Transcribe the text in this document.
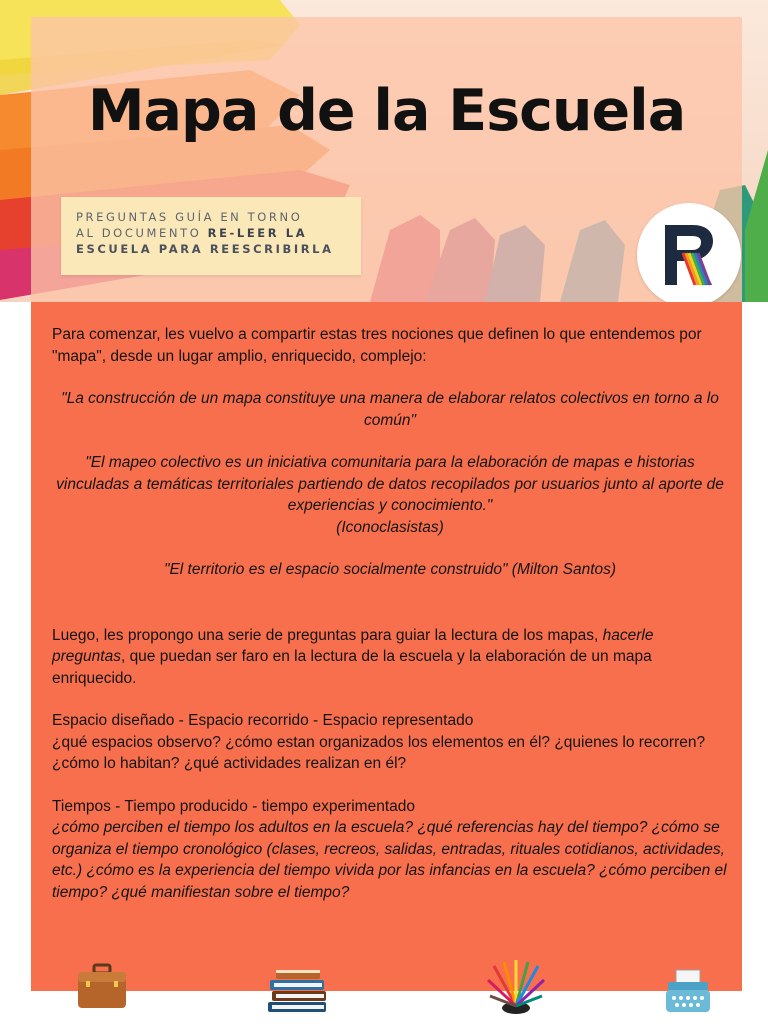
Mapa de la Escuela
PREGUNTAS GUÍA EN TORNO
AL DOCUMENTO RE-LEER LA
ESCUELA PARA REESCRIBIRLA

Para comenzar, les vuelvo a compartir estas tres nociones que definen lo que entendemos por "mapa", desde un lugar amplio, enriquecido, complejo:

"La construcción de un mapa constituye una manera de elaborar relatos colectivos en torno a lo común"

"El mapeo colectivo es un iniciativa comunitaria para la elaboración de mapas e historias vinculadas a temáticas territoriales partiendo de datos recopilados por usuarios junto al aporte de experiencias y conocimiento."

(Iconoclasistas)

"El territorio es el espacio socialmente construido" (Milton Santos)

Luego, les propongo una serie de preguntas para guiar la lectura de los mapas, hacerle preguntas, que puedan ser faro en la lectura de la escuela y la elaboración de un mapa enriquecido.

Espacio diseñado - Espacio recorrido - Espacio representado

¿qué espacios observo? ¿cómo estan organizados los elementos en él? ¿quienes lo recorren? ¿cómo lo habitan? ¿qué actividades realizan en él?

Tiempos - Tiempo producido - tiempo experimentado

¿cómo perciben el tiempo los adultos en la escuela? ¿qué referencias hay del tiempo? ¿cómo se organiza el tiempo cronológico (clases, recreos, salidas, entradas, rituales cotidianos, actividades, etc.) ¿cómo es la experiencia del tiempo vivida por las infancias en la escuela? ¿cómo perciben el tiempo? ¿qué manifiestan sobre el tiempo?
